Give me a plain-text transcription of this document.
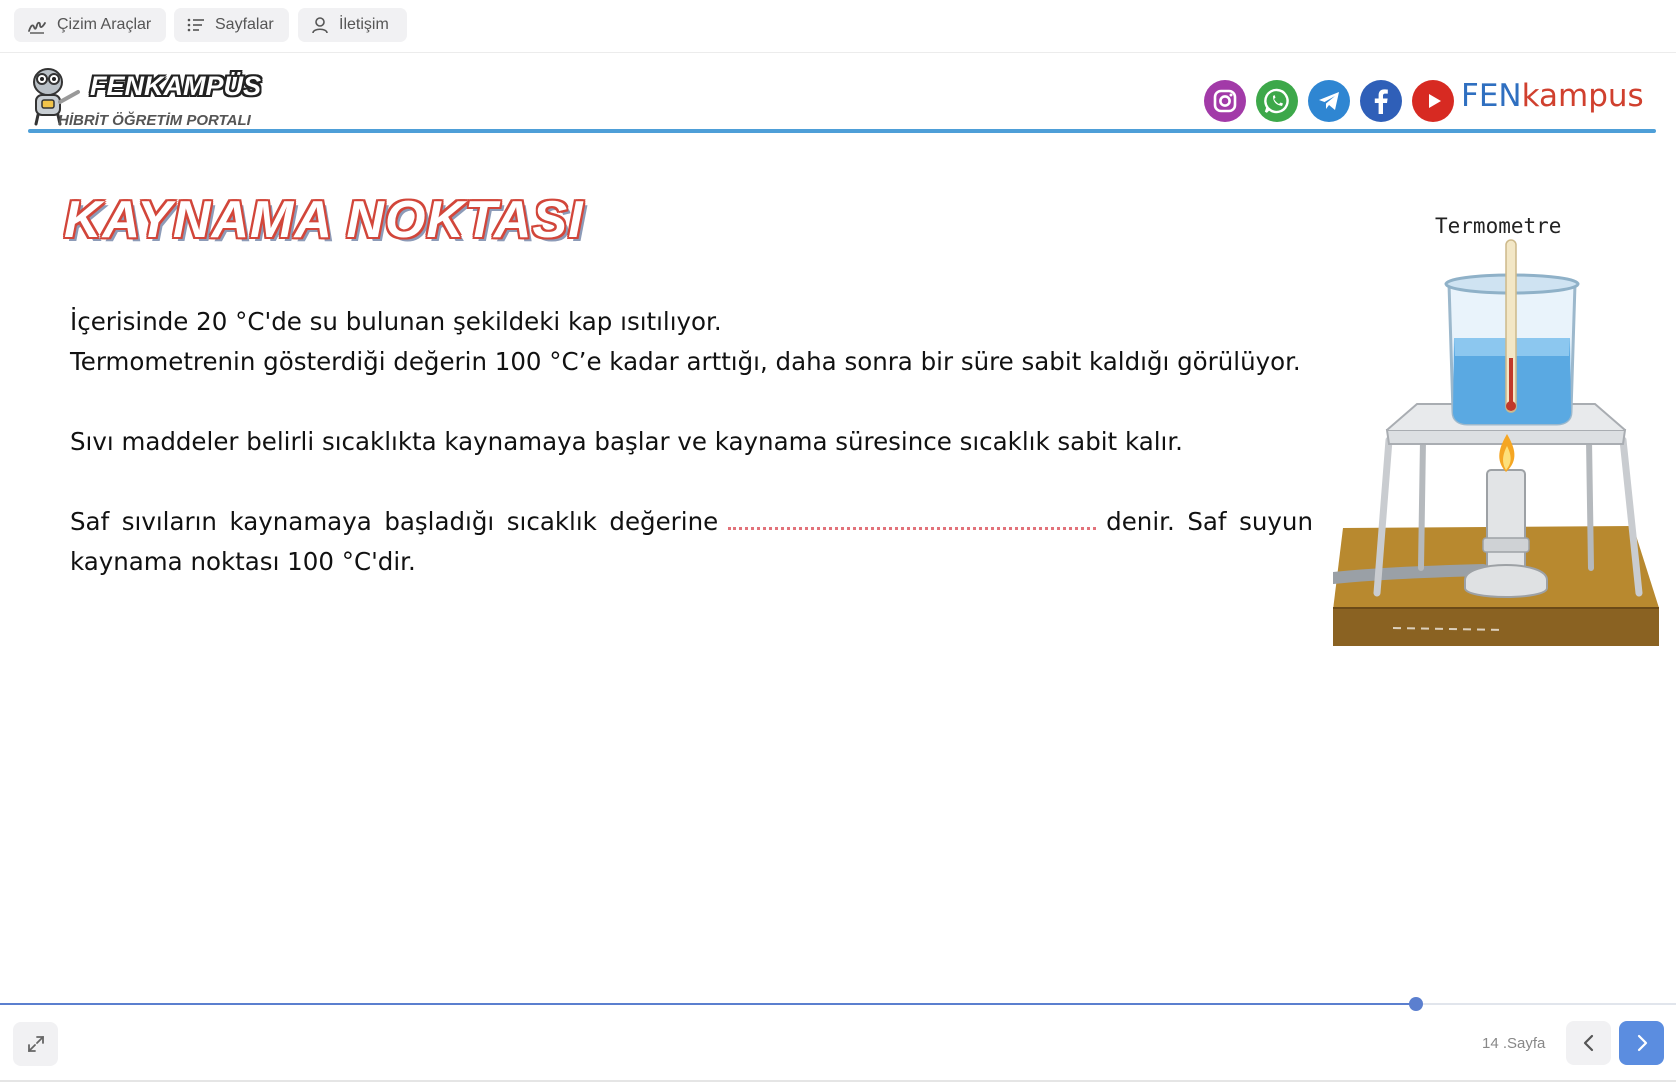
Çizim Araçlar	Sayfalar	İletişim
FENKAMPÜS
HİBRİT ÖĞRETİM PORTALI
FENkampus
KAYNAMA NOKTASI

İçerisinde 20 °C'de su bulunan şekildeki kap ısıtılıyor.

Termometrenin gösterdiği değerin 100 °C’e kadar arttığı, daha sonra bir süre sabit kaldığı görülüyor.

Sıvı maddeler belirli sıcaklıkta kaynamaya başlar ve kaynama süresince sıcaklık sabit kalır.

Saf sıvıların kaynamaya başladığı sıcaklık değerine	denir. Saf suyun kaynama noktası 100 °C'dir.

Termometre
14 .Sayfa
